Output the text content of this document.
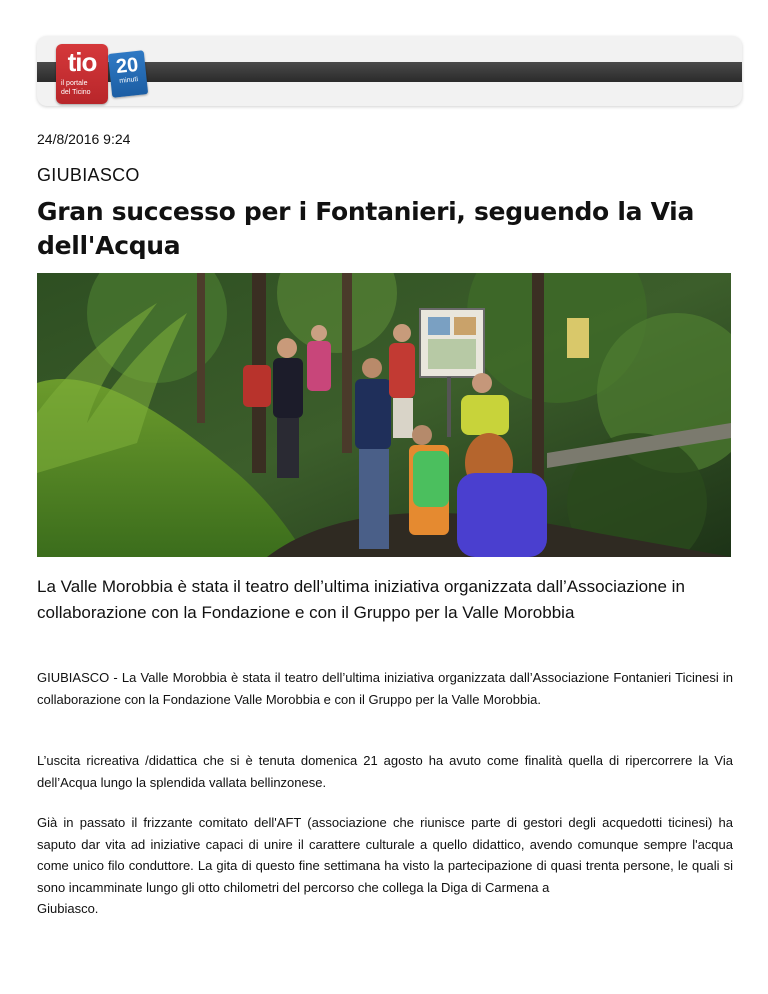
tio
il portale
del Ticino
20
minuti
24/8/2016 9:24
GIUBIASCO
Gran successo per i Fontanieri, seguendo la Via dell'Acqua

La Valle Morobbia è stata il teatro dell’ultima iniziativa organizzata dall’Associazione in collaborazione con la Fondazione e con il Gruppo per la Valle Morobbia

GIUBIASCO - La Valle Morobbia è stata il teatro dell’ultima iniziativa organizzata dall’Associazione Fontanieri Ticinesi in collaborazione con la Fondazione Valle Morobbia e con il Gruppo per la Valle Morobbia.

L’uscita ricreativa /didattica che si è tenuta domenica 21 agosto ha avuto come finalità quella di ripercorrere la Via dell’Acqua lungo la splendida vallata bellinzonese.

Già in passato il frizzante comitato dell'AFT (associazione che riunisce parte di gestori degli acquedotti ticinesi) ha saputo dar vita ad iniziative capaci di unire il carattere culturale a quello didattico, avendo comunque sempre l'acqua come unico filo conduttore. La gita di questo fine settimana ha visto la partecipazione di quasi trenta persone, le quali si sono incamminate lungo gli otto chilometri del percorso che collega la Diga di Carmena a
Giubiasco.
